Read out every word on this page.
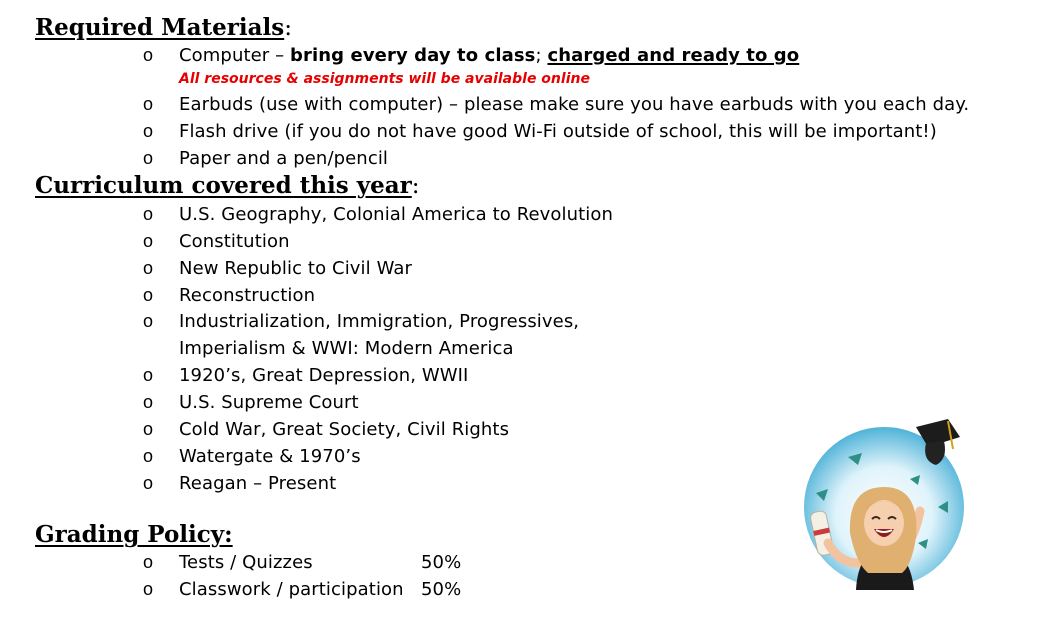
Required Materials:
o	Computer – bring every day to class; charged and ready to go
All resources & assignments will be available online
o	Earbuds (use with computer) – please make sure you have earbuds with you each day.
o	Flash drive (if you do not have good Wi-Fi outside of school, this will be important!)
o	Paper and a pen/pencil
Curriculum covered this year:
o	U.S. Geography, Colonial America to Revolution
o	Constitution
o	New Republic to Civil War
o	Reconstruction
o	Industrialization, Immigration, Progressives,
Imperialism & WWI: Modern America
o	1920’s, Great Depression, WWII
o	U.S. Supreme Court
o	Cold War, Great Society, Civil Rights
o	Watergate & 1970’s
o	Reagan – Present
Grading Policy:
o	Tests / Quizzes	50%
o	Classwork / participation 50%
